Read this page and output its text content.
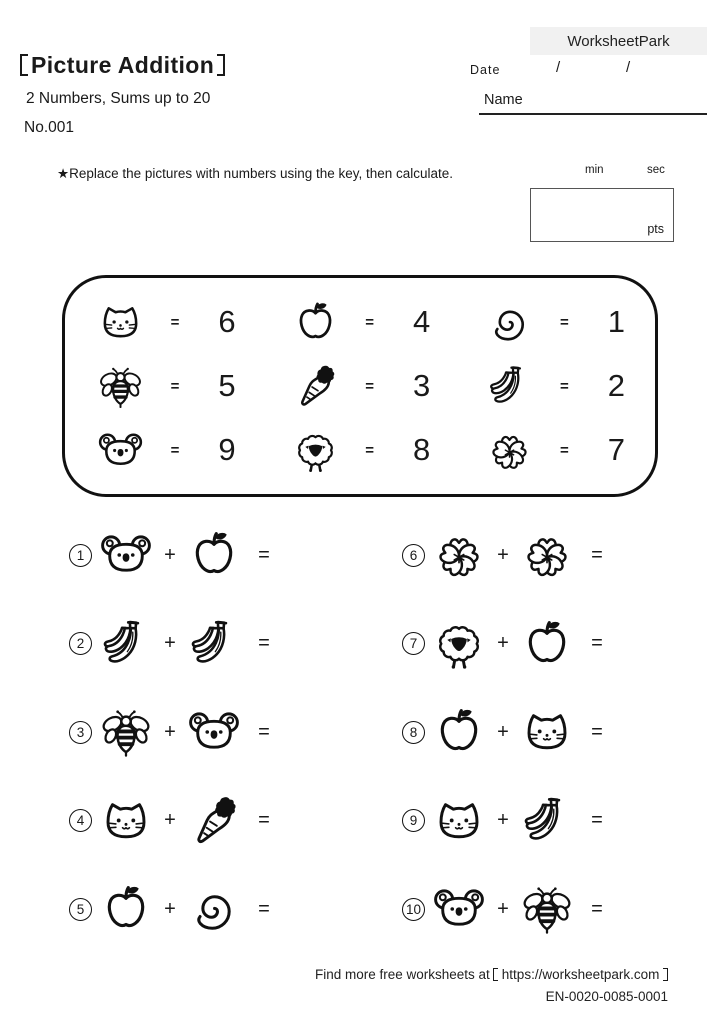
WorksheetPark
Picture Addition
2 Numbers, Sums up to 20
No.001
Date	/	/
Name
★Replace the pictures with numbers using the key, then calculate.	min	sec
pts
=	6	=	4	=	1
=	5	=	3	=	2
=	9	=	8	=	7
1	+	=
2	+	=
3	+	=
4	+	=
5	+	=
6	+	=
7	+	=
8	+	=
9	+	=
10	+	=
Find more free worksheets at https://worksheetpark.com
EN-0020-0085-0001
